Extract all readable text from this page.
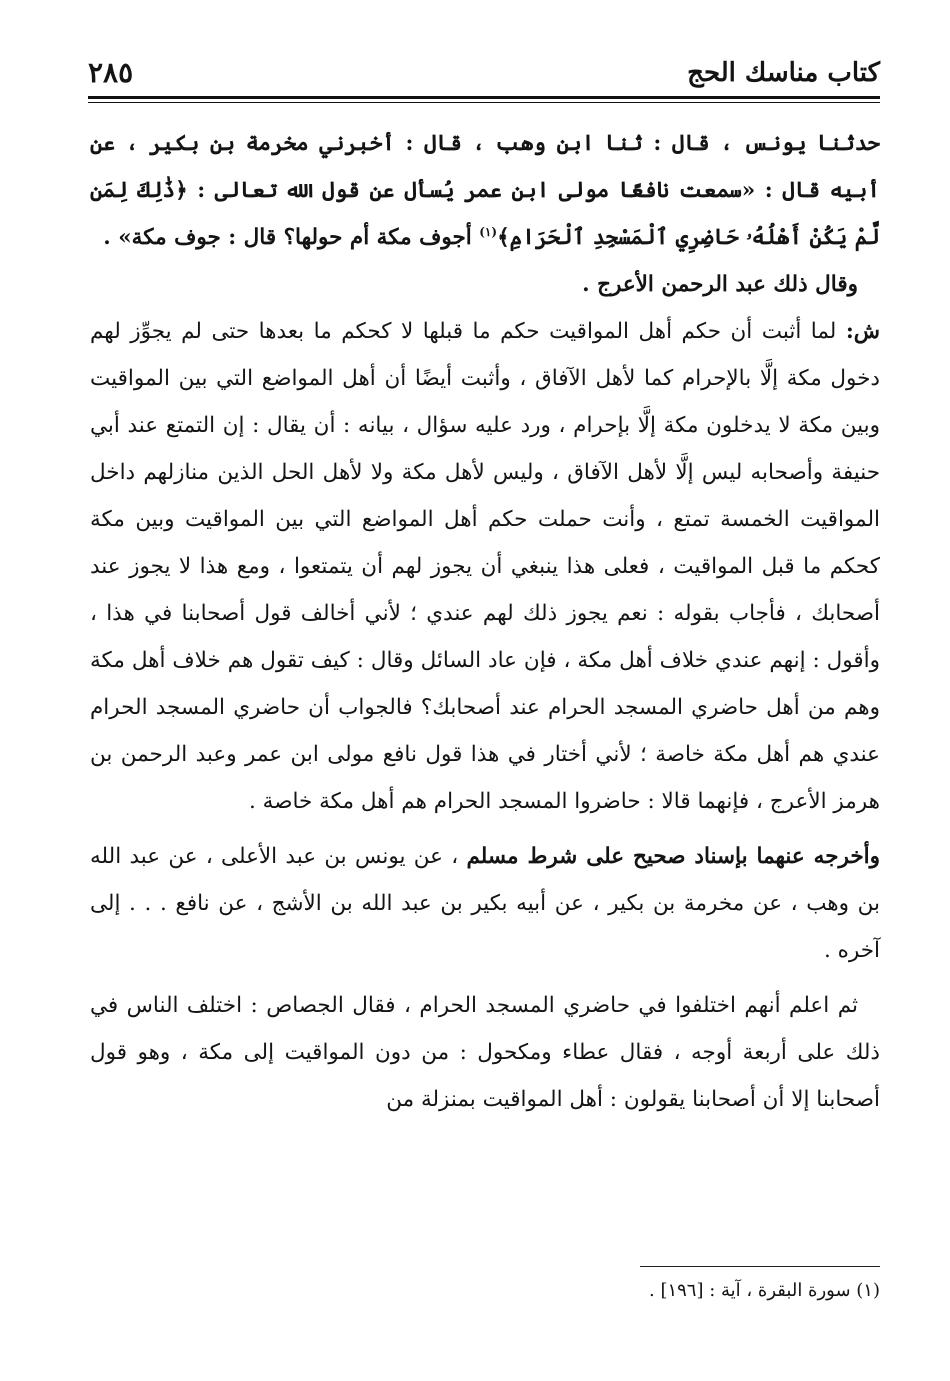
كتاب مناسك الحج
٢٨٥

حدثنا يونس ، قال : ثنا ابن وهب ، قال : أخبرني مخرمة بن بكير ، عن أبيه قال : «سمعت نافعًا مولى ابن عمر يُسأل عن قول الله تعالى : ﴿ذَٰلِكَ لِمَن لَّمْ يَكُنْ أَهْلُهُۥ حَاضِرِي ٱلْمَسْجِدِ ٱلْحَرَامِ﴾$^{(١)}$ أجوف مكة أم حولها؟ قال : جوف مكة» .

وقال ذلك عبد الرحمن الأعرج .

ش: لما أثبت أن حكم أهل المواقيت حكم ما قبلها لا كحكم ما بعدها حتى لم يجوِّز لهم دخول مكة إلَّا بالإحرام كما لأهل الآفاق ، وأثبت أيضًا أن أهل المواضع التي بين المواقيت وبين مكة لا يدخلون مكة إلَّا بإحرام ، ورد عليه سؤال ، بيانه : أن يقال : إن التمتع عند أبي حنيفة وأصحابه ليس إلَّا لأهل الآفاق ، وليس لأهل مكة ولا لأهل الحل الذين منازلهم داخل المواقيت الخمسة تمتع ، وأنت حملت حكم أهل المواضع التي بين المواقيت وبين مكة كحكم ما قبل المواقيت ، فعلى هذا ينبغي أن يجوز لهم أن يتمتعوا ، ومع هذا لا يجوز عند أصحابك ، فأجاب بقوله : نعم يجوز ذلك لهم عندي ؛ لأني أخالف قول أصحابنا في هذا ، وأقول : إنهم عندي خلاف أهل مكة ، فإن عاد السائل وقال : كيف تقول هم خلاف أهل مكة وهم من أهل حاضري المسجد الحرام عند أصحابك؟ فالجواب أن حاضري المسجد الحرام عندي هم أهل مكة خاصة ؛ لأني أختار في هذا قول نافع مولى ابن عمر وعبد الرحمن بن هرمز الأعرج ، فإنهما قالا : حاضروا المسجد الحرام هم أهل مكة خاصة .

وأخرجه عنهما بإسناد صحيح على شرط مسلم ، عن يونس بن عبد الأعلى ، عن عبد الله بن وهب ، عن مخرمة بن بكير ، عن أبيه بكير بن عبد الله بن الأشج ، عن نافع . . . إلى آخره .

ثم اعلم أنهم اختلفوا في حاضري المسجد الحرام ، فقال الجصاص : اختلف الناس في ذلك على أربعة أوجه ، فقال عطاء ومكحول : من دون المواقيت إلى مكة ، وهو قول أصحابنا إلا أن أصحابنا يقولون : أهل المواقيت بمنزلة من

(١) سورة البقرة ، آية : [١٩٦] .
